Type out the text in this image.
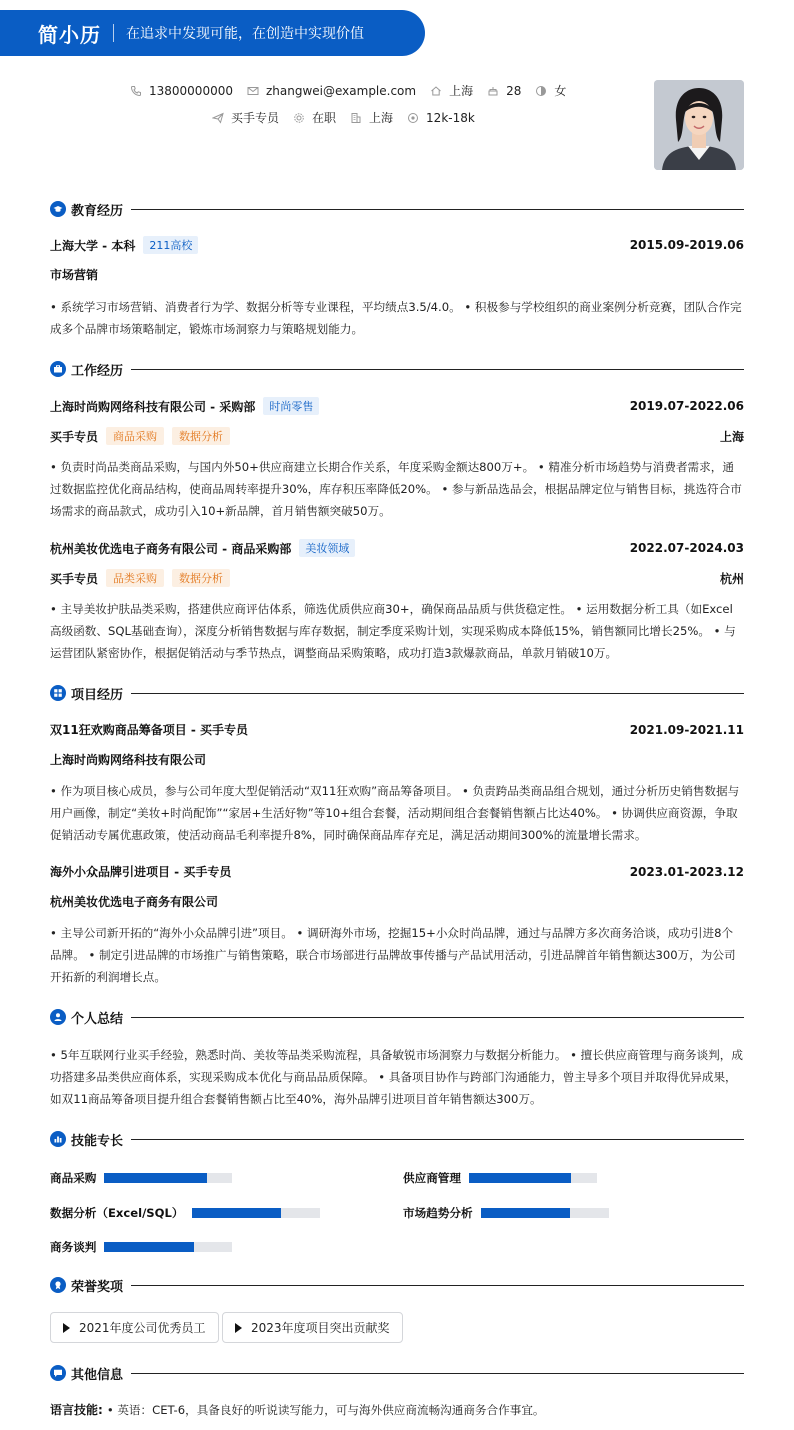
简小历 在追求中发现可能，在创造中实现价值
13800000000	zhangwei@example.com	上海	28	女
买手专员	在职	上海	12k-18k
教育经历
上海大学 - 本科	211高校	2015.09-2019.06
市场营销
• 系统学习市场营销、消费者行为学、数据分析等专业课程，平均绩点3.5/4.0。 • 积极参与学校组织的商业案例分析竞赛，团队合作完成多个品牌市场策略制定，锻炼市场洞察力与策略规划能力。
工作经历
上海时尚购网络科技有限公司 - 采购部	时尚零售	2019.07-2022.06
买手专员	商品采购	数据分析	上海
• 负责时尚品类商品采购，与国内外50+供应商建立长期合作关系，年度采购金额达800万+。 • 精准分析市场趋势与消费者需求，通过数据监控优化商品结构，使商品周转率提升30%，库存积压率降低20%。 • 参与新品选品会，根据品牌定位与销售目标，挑选符合市场需求的商品款式，成功引入10+新品牌，首月销售额突破50万。
杭州美妆优选电子商务有限公司 - 商品采购部	美妆领域	2022.07-2024.03
买手专员	品类采购	数据分析	杭州
• 主导美妆护肤品类采购，搭建供应商评估体系，筛选优质供应商30+，确保商品品质与供货稳定性。 • 运用数据分析工具（如Excel高级函数、SQL基础查询），深度分析销售数据与库存数据，制定季度采购计划，实现采购成本降低15%，销售额同比增长25%。 • 与运营团队紧密协作，根据促销活动与季节热点，调整商品采购策略，成功打造3款爆款商品，单款月销破10万。
项目经历
双11狂欢购商品筹备项目 - 买手专员	2021.09-2021.11
上海时尚购网络科技有限公司
• 作为项目核心成员，参与公司年度大型促销活动“双11狂欢购”商品筹备项目。 • 负责跨品类商品组合规划，通过分析历史销售数据与用户画像，制定“美妆+时尚配饰”“家居+生活好物”等10+组合套餐，活动期间组合套餐销售额占比达40%。 • 协调供应商资源，争取促销活动专属优惠政策，使活动商品毛利率提升8%，同时确保商品库存充足，满足活动期间300%的流量增长需求。
海外小众品牌引进项目 - 买手专员	2023.01-2023.12
杭州美妆优选电子商务有限公司
• 主导公司新开拓的“海外小众品牌引进”项目。 • 调研海外市场，挖掘15+小众时尚品牌，通过与品牌方多次商务洽谈，成功引进8个品牌。 • 制定引进品牌的市场推广与销售策略，联合市场部进行品牌故事传播与产品试用活动，引进品牌首年销售额达300万，为公司开拓新的利润增长点。
个人总结
• 5年互联网行业买手经验，熟悉时尚、美妆等品类采购流程，具备敏锐市场洞察力与数据分析能力。 • 擅长供应商管理与商务谈判，成功搭建多品类供应商体系，实现采购成本优化与商品品质保障。 • 具备项目协作与跨部门沟通能力，曾主导多个项目并取得优异成果，如双11商品筹备项目提升组合套餐销售额占比至40%，海外品牌引进项目首年销售额达300万。
技能专长
商品采购	供应商管理
数据分析（Excel/SQL）	市场趋势分析
商务谈判
荣誉奖项
2021年度公司优秀员工	2023年度项目突出贡献奖
其他信息
语言技能: • 英语：CET-6，具备良好的听说读写能力，可与海外供应商流畅沟通商务合作事宜。
